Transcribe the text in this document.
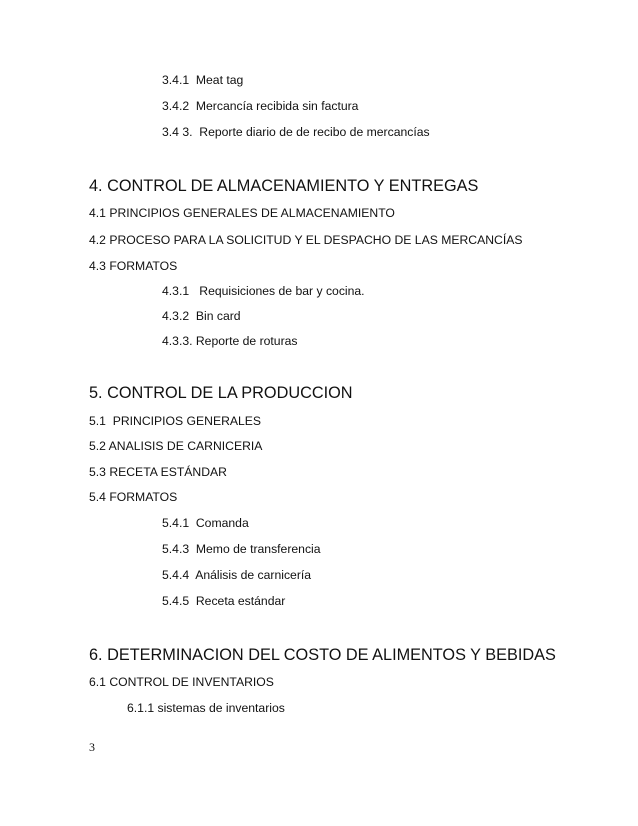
3.4.1  Meat tag
3.4.2  Mercancía recibida sin factura
3.4 3.  Reporte diario de de recibo de mercancías
4. CONTROL DE ALMACENAMIENTO Y ENTREGAS
4.1 PRINCIPIOS GENERALES DE ALMACENAMIENTO
4.2 PROCESO PARA LA SOLICITUD Y EL DESPACHO DE LAS MERCANCÍAS
4.3 FORMATOS
4.3.1   Requisiciones de bar y cocina.
4.3.2  Bin card
4.3.3. Reporte de roturas
5. CONTROL DE LA PRODUCCION
5.1  PRINCIPIOS GENERALES
5.2 ANALISIS DE CARNICERIA
5.3 RECETA ESTÁNDAR
5.4 FORMATOS
5.4.1  Comanda
5.4.3  Memo de transferencia
5.4.4  Análisis de carnicería
5.4.5  Receta estándar
6. DETERMINACION DEL COSTO DE ALIMENTOS Y BEBIDAS
6.1 CONTROL DE INVENTARIOS
6.1.1 sistemas de inventarios
3
